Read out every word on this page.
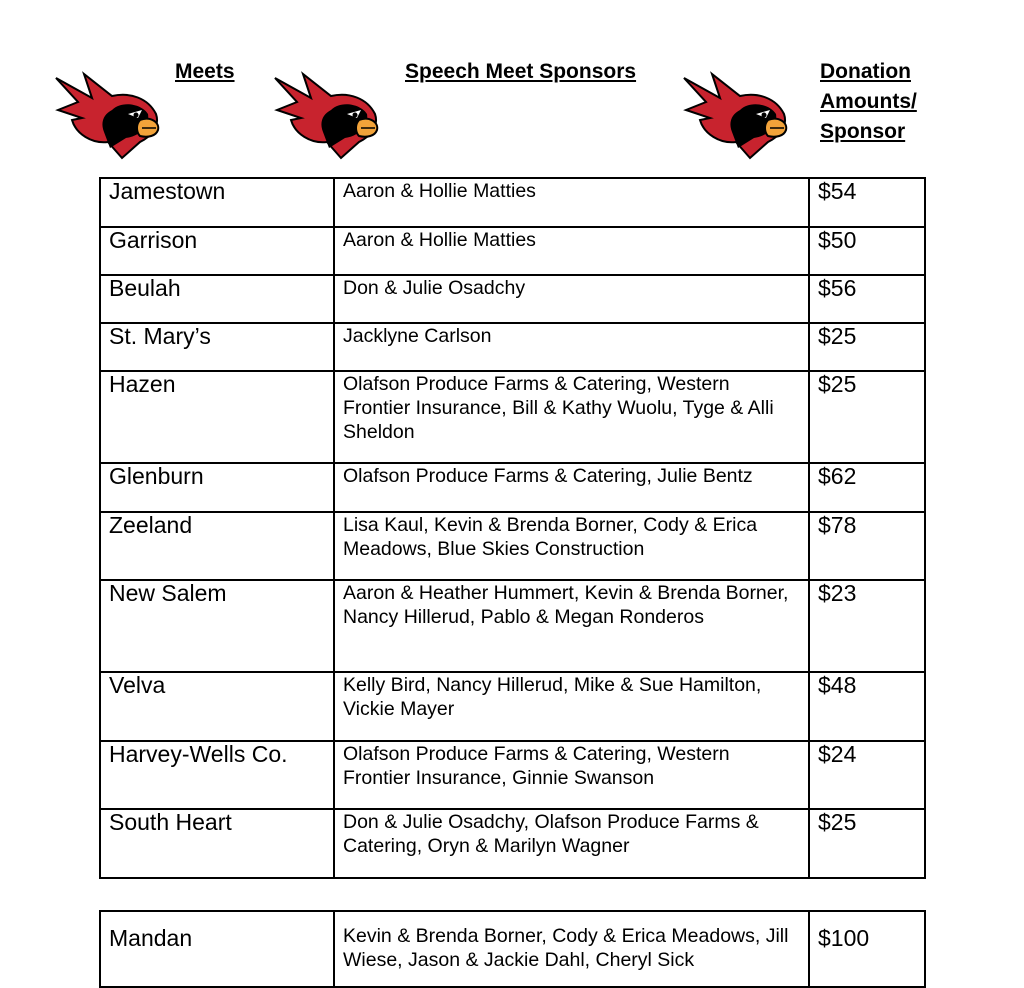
Meets	Speech Meet Sponsors	Donation
Amounts/
Sponsor
Jamestown	Aaron & Hollie Matties	$54
Garrison	Aaron & Hollie Matties	$50
Beulah	Don & Julie Osadchy	$56
St. Mary’s	Jacklyne Carlson	$25
Hazen	Olafson Produce Farms & Catering, Western Frontier Insurance, Bill & Kathy Wuolu, Tyge & Alli Sheldon	$25
Glenburn	Olafson Produce Farms & Catering, Julie Bentz	$62
Zeeland	Lisa Kaul, Kevin & Brenda Borner, Cody & Erica Meadows, Blue Skies Construction	$78
New Salem	Aaron & Heather Hummert, Kevin & Brenda Borner, Nancy Hillerud, Pablo & Megan Ronderos	$23
Velva	Kelly Bird, Nancy Hillerud, Mike & Sue Hamilton, Vickie Mayer	$48
Harvey-Wells Co.	Olafson Produce Farms & Catering, Western Frontier Insurance, Ginnie Swanson	$24
South Heart	Don & Julie Osadchy, Olafson Produce Farms & Catering, Oryn & Marilyn Wagner	$25
Mandan	Kevin & Brenda Borner, Cody & Erica Meadows, Jill Wiese, Jason & Jackie Dahl, Cheryl Sick	$100
